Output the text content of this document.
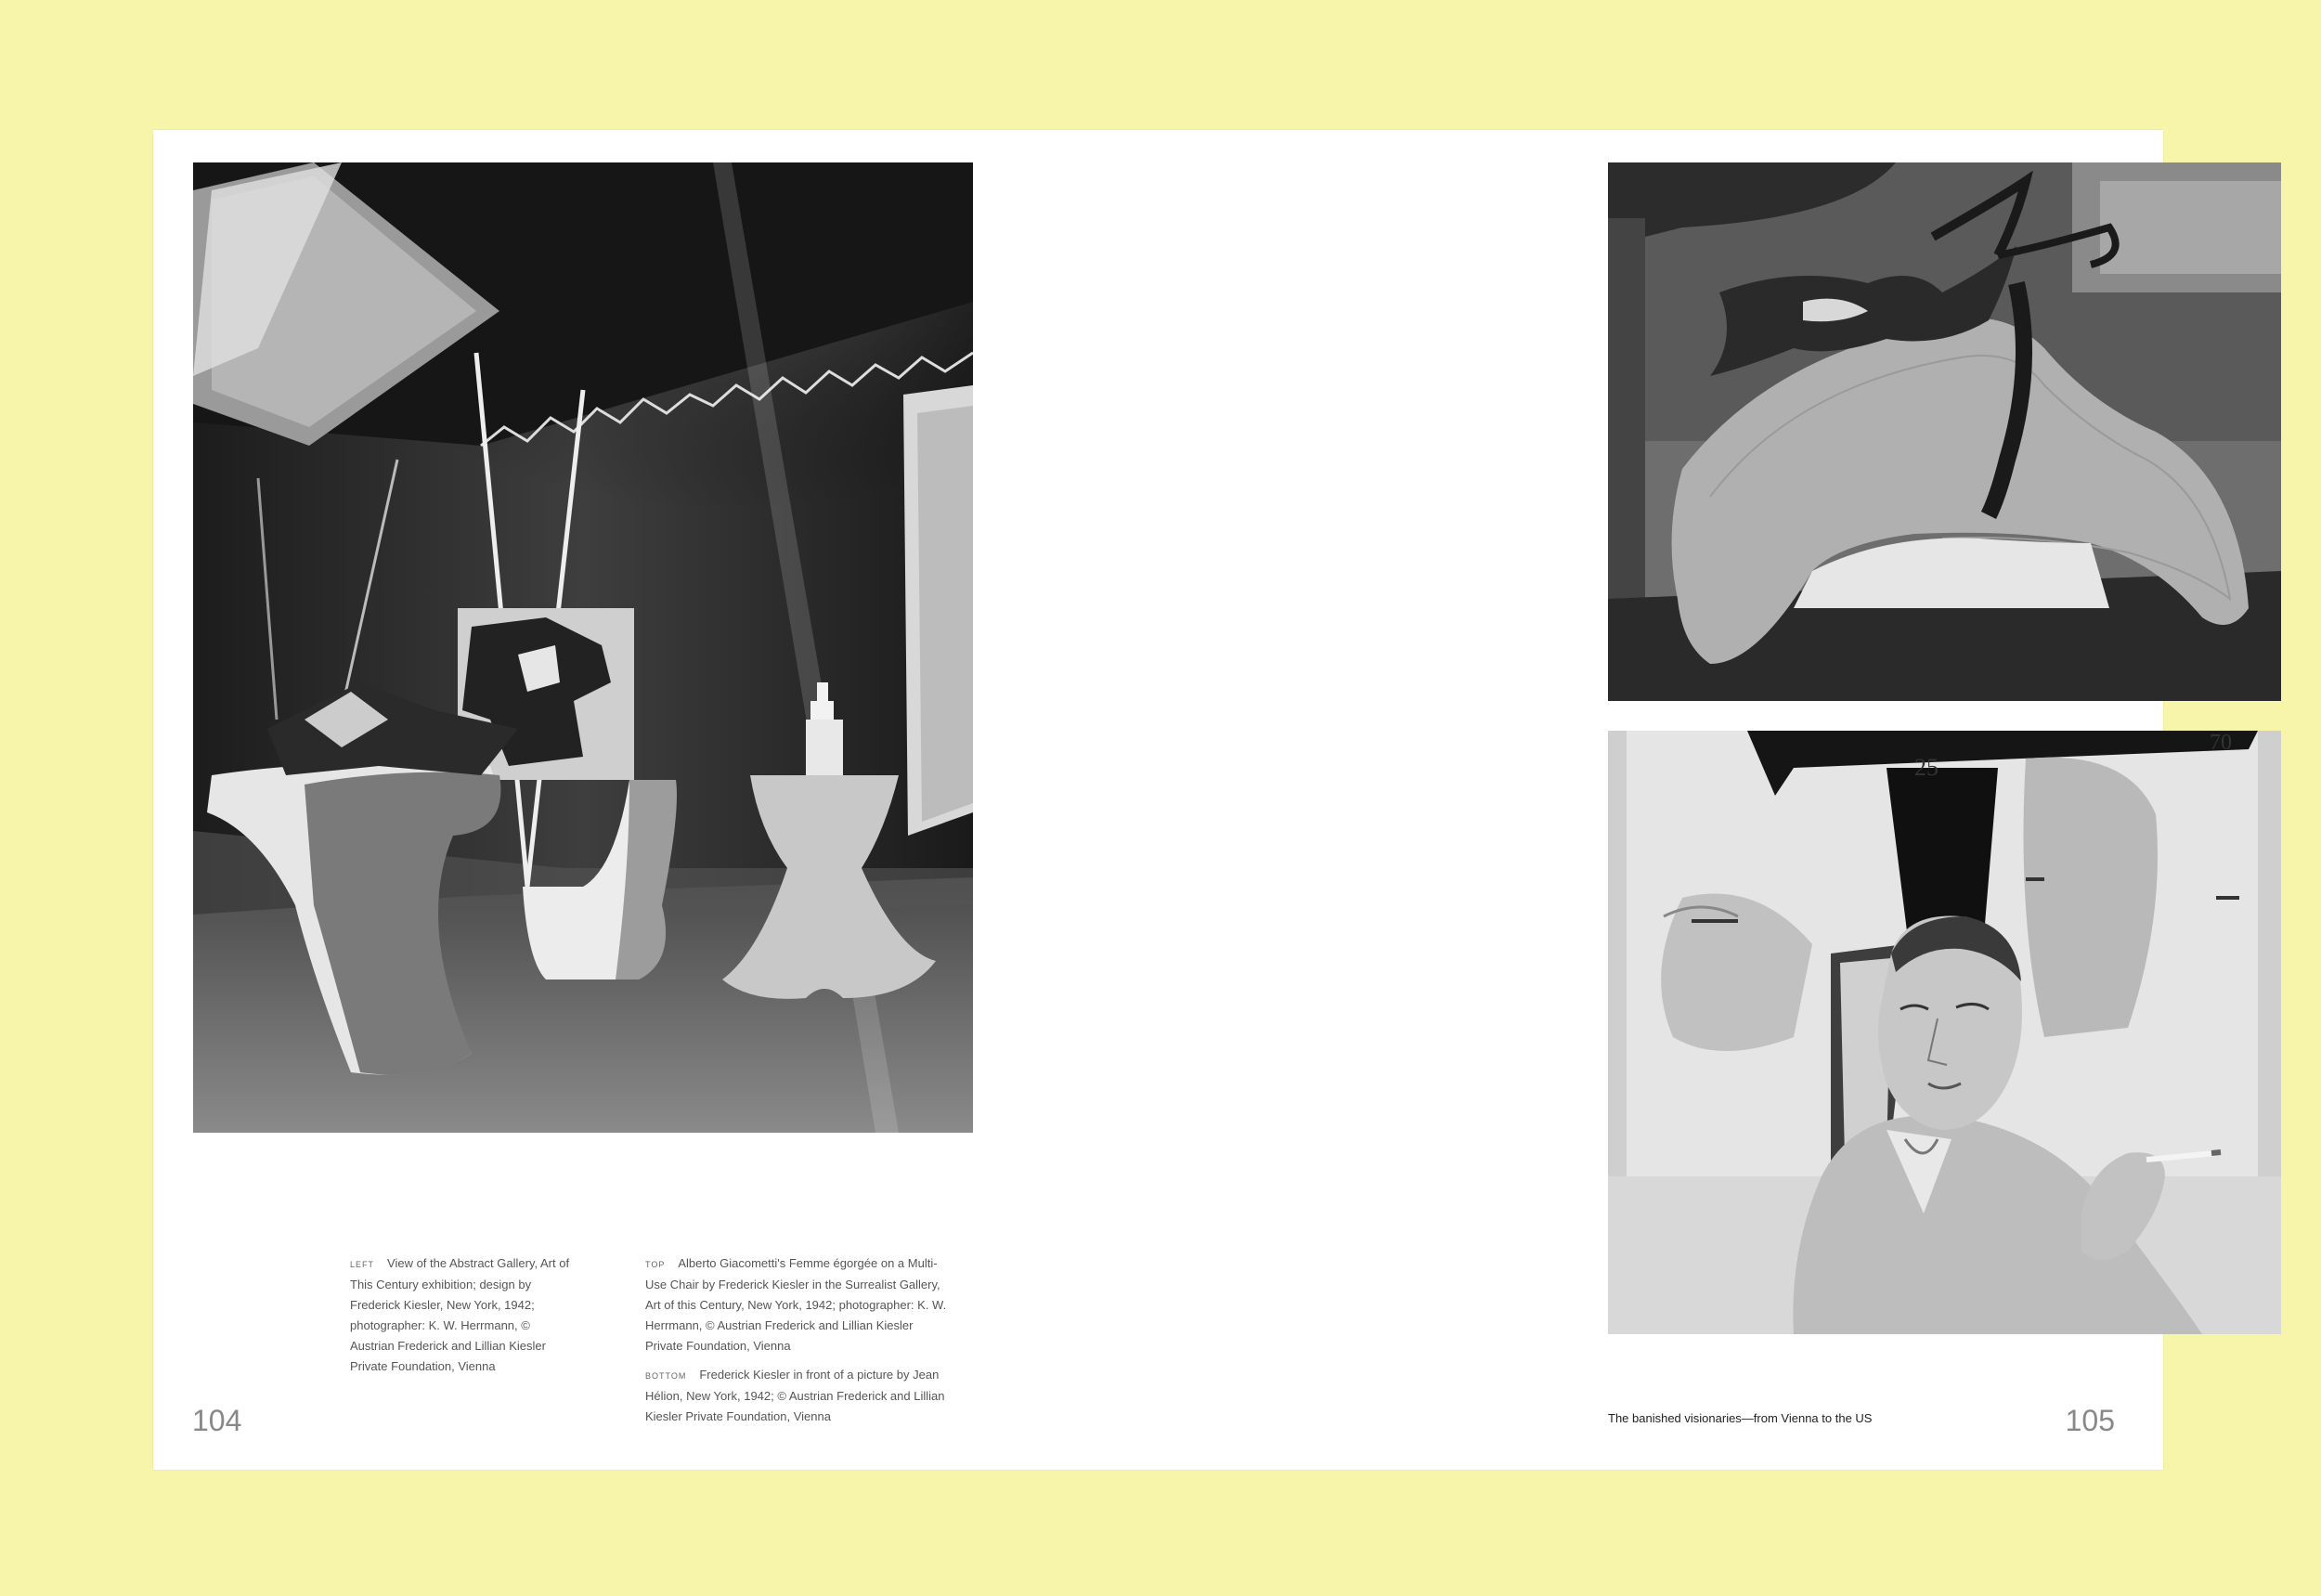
LEFT View of the Abstract Gallery, Art of This Century exhibition; design by Frederick Kiesler, New York, 1942; photographer: K. W. Herrmann, © Austrian Frederick and Lillian Kiesler Private Foundation, Vienna

TOP Alberto Giacometti's Femme égorgée on a Multi-Use Chair by Frederick Kiesler in the Surrealist Gallery, Art of this Century, New York, 1942; photographer: K. W. Herrmann, © Austrian Frederick and Lillian Kiesler Private Foundation, Vienna

BOTTOM Frederick Kiesler in front of a picture by Jean Hélion, New York, 1942; © Austrian Frederick and Lillian Kiesler Private Foundation, Vienna

104
25
70

The banished visionaries—from Vienna to the US	105
